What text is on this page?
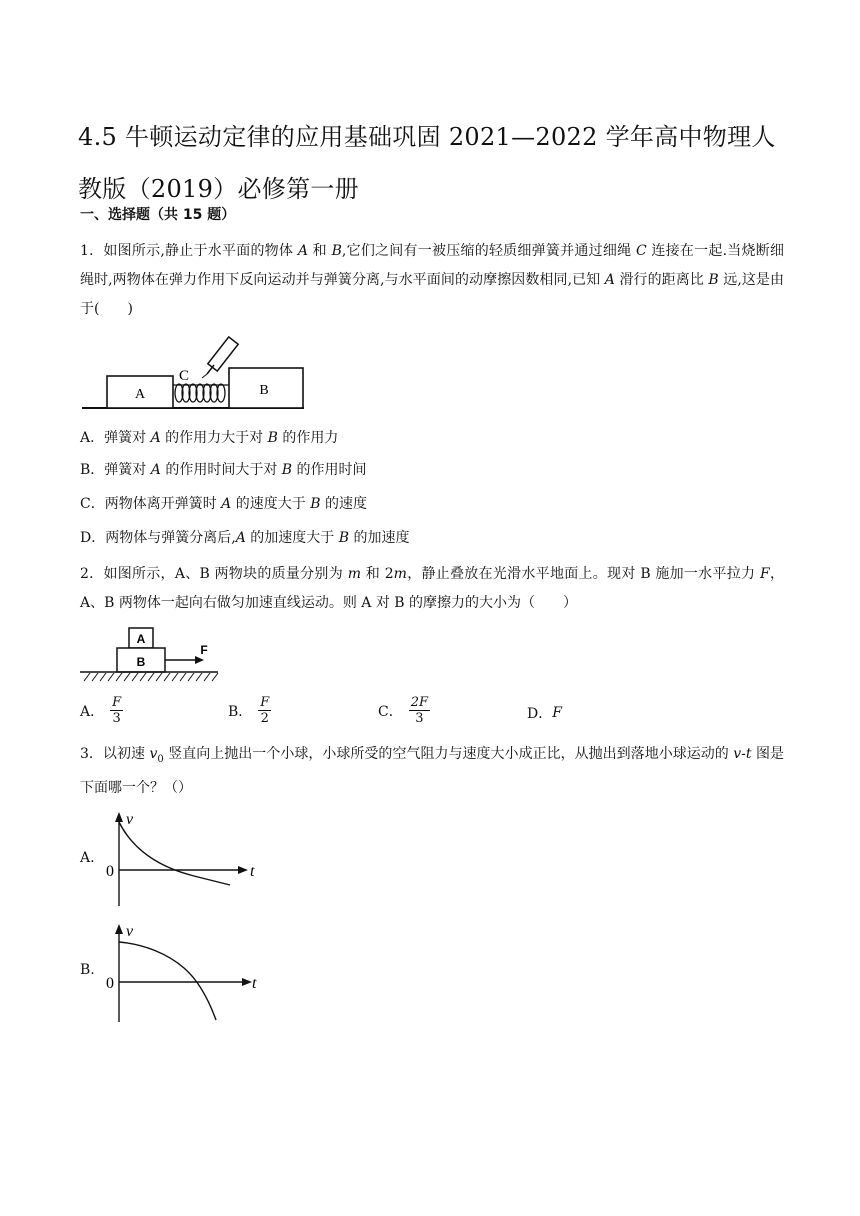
4.5 牛顿运动定律的应用基础巩固 2021—2022 学年高中物理人教版（2019）必修第一册
一、选择题（共 15 题）
1．如图所示,静止于水平面的物体 A 和 B,它们之间有一被压缩的轻质细弹簧并通过细绳 C 连接在一起.当烧断细绳时,两物体在弹力作用下反向运动并与弹簧分离,与水平面间的动摩擦因数相同,已知 A 滑行的距离比 B 远,这是由于(　　)
A	B
C
A．弹簧对 A 的作用力大于对 B 的作用力
B．弹簧对 A 的作用时间大于对 B 的作用时间
C．两物体离开弹簧时 A 的速度大于 B 的速度
D．两物体与弹簧分离后,A 的加速度大于 B 的加速度
2．如图所示，A、B 两物块的质量分别为 m 和 2m，静止叠放在光滑水平地面上。现对 B 施加一水平拉力 F，A、B 两物体一起向右做匀加速直线运动。则 A 对 B 的摩擦力的大小为（　　）
A
B
F
A． $\frac{F}{3}$	B． $\frac{F}{2}$	C． $\frac{2F}{3}$	D． F
3．以初速 $v_0$ 竖直向上抛出一个小球，小球所受的空气阻力与速度大小成正比，从抛出到落地小球运动的 v-t 图是下面哪一个？（）
A.
v
t
0
B.
v
t
0
